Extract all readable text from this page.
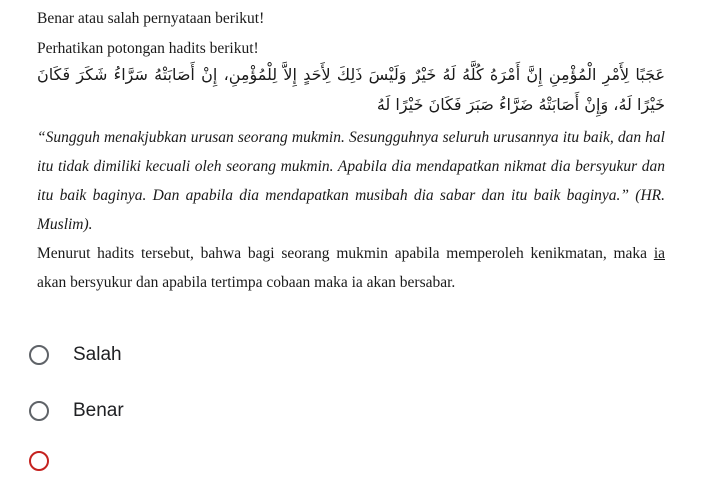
Benar atau salah pernyataan berikut!

Perhatikan potongan hadits berikut!

عَجَبًا لِأَمْرِ الْمُؤْمِنِ إِنَّ أَمْرَهُ كُلَّهُ لَهُ خَيْرٌ وَلَيْسَ ذَلِكَ لِأَحَدٍ إِلاَّ لِلْمُؤْمِنِ، إِنْ أَصَابَتْهُ سَرَّاءُ شَكَرَ فَكَانَ خَيْرًا لَهُ، وَإِنْ أَصَابَتْهُ ضَرَّاءُ صَبَرَ فَكَانَ خَيْرًا لَهُ

“Sungguh menakjubkan urusan seorang mukmin. Sesungguhnya seluruh urusannya itu baik, dan hal itu tidak dimiliki kecuali oleh seorang mukmin. Apabila dia mendapatkan nikmat dia bersyukur dan itu baik baginya. Dan apabila dia mendapatkan musibah dia sabar dan itu baik baginya.” (HR. Muslim).

Menurut hadits tersebut, bahwa bagi seorang mukmin apabila memperoleh kenikmatan, maka ia akan bersyukur dan apabila tertimpa cobaan maka ia akan bersabar.

Salah
Benar
